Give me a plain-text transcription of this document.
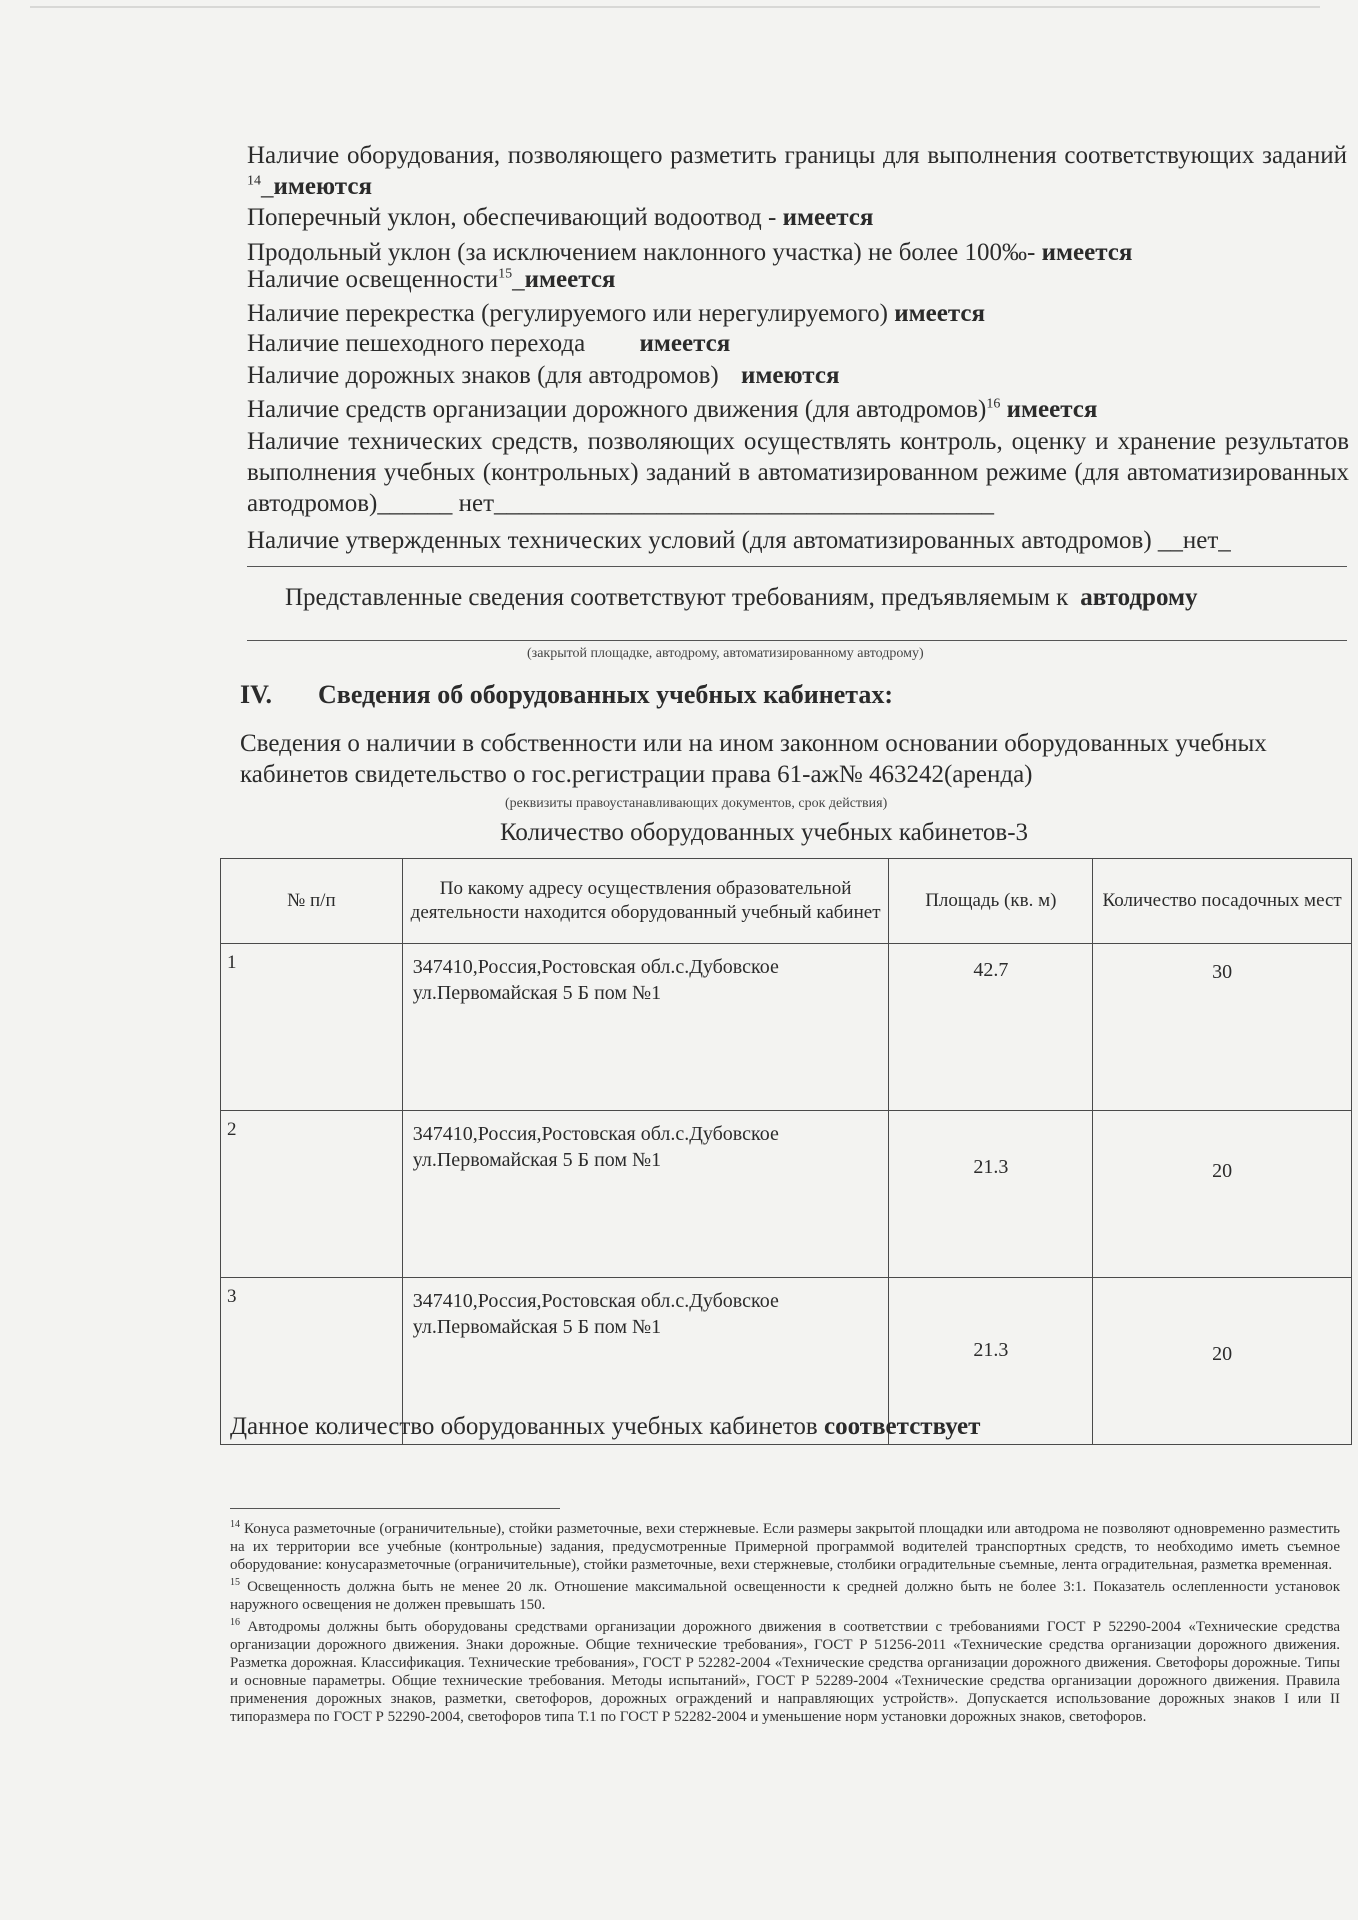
Наличие оборудования, позволяющего разметить границы для выполнения соответствующих заданий
$^{14}$_имеются
Поперечный уклон, обеспечивающий водоотвод - имеется
Продольный уклон (за исключением наклонного участка) не более 100‰- имеется
Наличие освещенности$^{15}$_имеется
Наличие перекрестка (регулируемого или нерегулируемого) имеется
Наличие пешеходного перехода имеется
Наличие дорожных знаков (для автодромов) имеются
Наличие средств организации дорожного движения (для автодромов)$^{16}$ имеется
Наличие технических средств, позволяющих осуществлять контроль, оценку и хранение результатов выполнения учебных (контрольных) заданий в автоматизированном режиме (для автоматизированных автодромов)______ нет________________________________________
Наличие утвержденных технических условий (для автоматизированных автодромов) __нет_
Представленные сведения соответствуют требованиям, предъявляемым к автодрому
(закрытой площадке, автодрому, автоматизированному автодрому)
IV. Сведения об оборудованных учебных кабинетах:
Сведения о наличии в собственности или на ином законном основании оборудованных учебных кабинетов свидетельство о гос.регистрации права 61-аж№ 463242(аренда)
(реквизиты правоустанавливающих документов, срок действия)
Количество оборудованных учебных кабинетов-3
№ п/п	По какому адресу осуществления образовательной деятельности находится оборудованный учебный кабинет	Площадь (кв. м)	Количество посадочных мест
1	347410,Россия,Ростовская обл.с.Дубовское ул.Первомайская 5 Б пом №1	42.7	30

2	347410,Россия,Ростовская обл.с.Дубовское ул.Первомайская 5 Б пом №1	21.3	20

3	347410,Россия,Ростовская обл.с.Дубовское ул.Первомайская 5 Б пом №1	21.3	20
Данное количество оборудованных учебных кабинетов соответствует

$^{14}$ Конуса разметочные (ограничительные), стойки разметочные, вехи стержневые. Если размеры закрытой площадки или автодрома не позволяют одновременно разместить на их территории все учебные (контрольные) задания, предусмотренные Примерной программой водителей транспортных средств, то необходимо иметь съемное оборудование: конусаразметочные (ограничительные), стойки разметочные, вехи стержневые, столбики оградительные съемные, лента оградительная, разметка временная.

$^{15}$ Освещенность должна быть не менее 20 лк. Отношение максимальной освещенности к средней должно быть не более 3:1. Показатель ослепленности установок наружного освещения не должен превышать 150.

$^{16}$ Автодромы должны быть оборудованы средствами организации дорожного движения в соответствии с требованиями ГОСТ Р 52290-2004 «Технические средства организации дорожного движения. Знаки дорожные. Общие технические требования», ГОСТ Р 51256-2011 «Технические средства организации дорожного движения. Разметка дорожная. Классификация. Технические требования», ГОСТ Р 52282-2004 «Технические средства организации дорожного движения. Светофоры дорожные. Типы и основные параметры. Общие технические требования. Методы испытаний», ГОСТ Р 52289-2004 «Технические средства организации дорожного движения. Правила применения дорожных знаков, разметки, светофоров, дорожных ограждений и направляющих устройств». Допускается использование дорожных знаков I или II типоразмера по ГОСТ Р 52290-2004, светофоров типа Т.1 по ГОСТ Р 52282-2004 и уменьшение норм установки дорожных знаков, светофоров.
